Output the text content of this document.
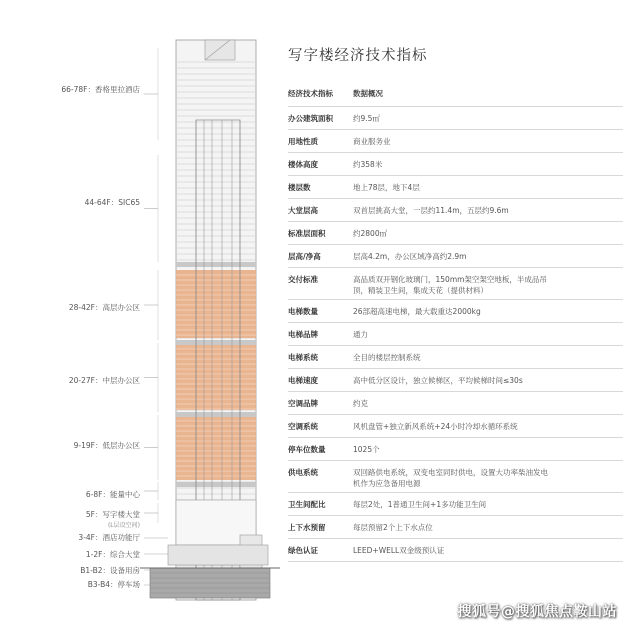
66-78F：香格里拉酒店
44-64F：SIC65
28-42F：高层办公区
20-27F：中层办公区
9-19F：低层办公区
6-8F：能量中心
5F：写字楼大堂
(L层设空间)
3-4F：酒店功能厅
1-2F：综合大堂
B1-B2：设备用房
B3-B4：停车场
写字楼经济技术指标
经济技术指标	数据概况
办公建筑面积	约9.5㎡
用地性质	商业服务业
楼体高度	约358米
楼层数	地上78层，地下4层
大堂层高	双首层挑高大堂，一层约11.4m，五层约9.6m
标准层面积	约2800㎡
层高/净高	层高4.2m，办公区域净高约2.9m
交付标准	高品质双开钢化玻璃门，150mm架空架空地板，半成品吊顶，精装卫生间，集成天花（提供材料）
电梯数量	26部超高速电梯，最大载重达2000kg
电梯品牌	通力
电梯系统	全目的楼层控制系统
电梯速度	高中低分区设计，独立候梯区，平均候梯时间≤30s
空调品牌	约克
空调系统	风机盘管+独立新风系统+24小时冷却水循环系统
停车位数量	1025个
供电系统	双回路供电系统，双变电室同时供电，设置大功率柴油发电机作为应急备用电源
卫生间配比	每层2处，1普通卫生间+1多功能卫生间
上下水预留	每层预留2个上下水点位
绿色认证	LEED+WELL双金级预认证
搜狐号@搜狐焦点鞍山站
